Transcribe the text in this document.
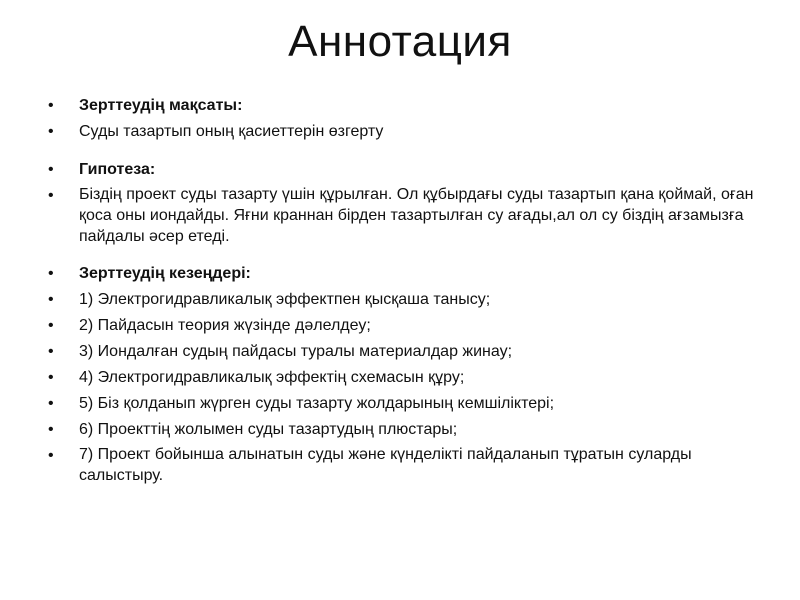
Аннотация
• Зерттеудің мақсаты:
• Суды тазартып оның қасиеттерін өзгерту
• Гипотеза:
• Біздің проект суды тазарту үшін құрылған. Ол құбырдағы суды тазартып қана қоймай, оған қоса оны иондайды. Яғни краннан бірден тазартылған су ағады,ал ол су біздің ағзамызға пайдалы әсер етеді.
• Зерттеудің кезеңдері:
• 1) Электрогидравликалық эффектпен қысқаша танысу;
• 2) Пайдасын теория жүзінде дәлелдеу;
• 3) Иондалған судың пайдасы туралы материалдар жинау;
• 4) Электрогидравликалық эффектің схемасын құру;
• 5) Біз қолданып жүрген суды тазарту жолдарының кемшіліктері;
• 6) Проекттің жолымен суды тазартудың плюстары;
• 7) Проект бойынша алынатын суды және күнделікті пайдаланып тұратын суларды салыстыру.
